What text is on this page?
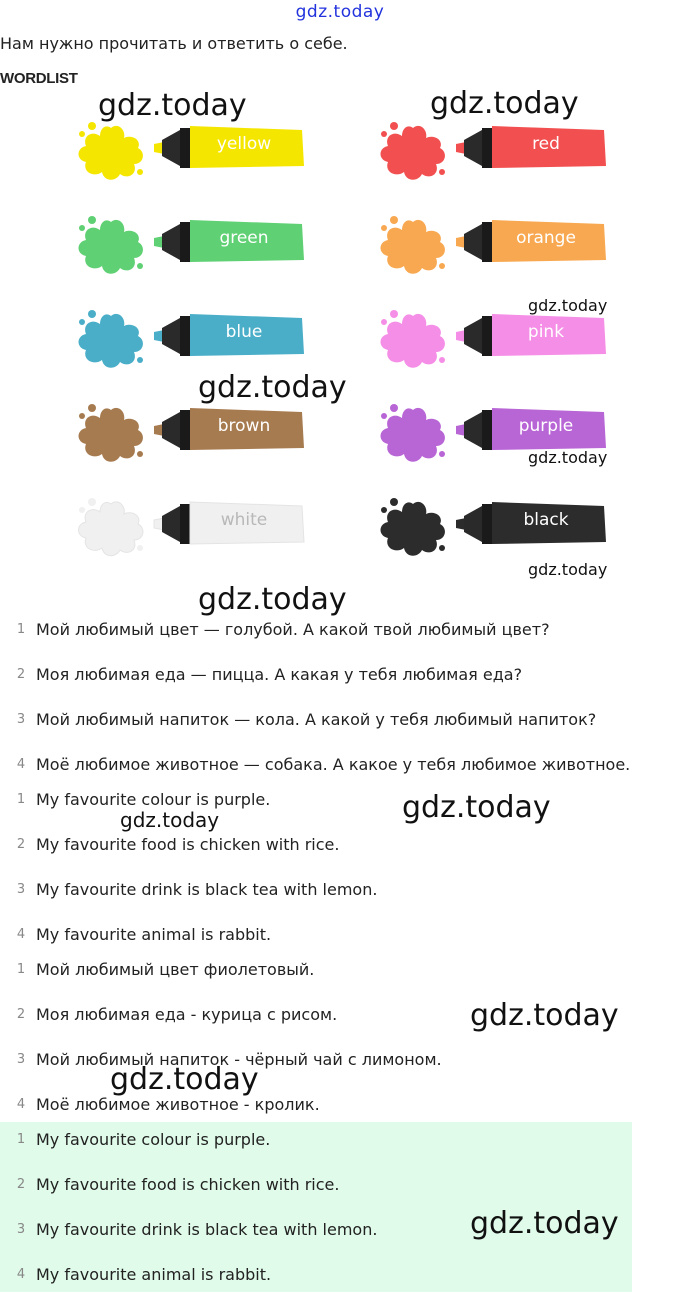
gdz.today
Нам нужно прочитать и ответить о себе.
WORDLIST
yellow	red
green	orange
blue	pink
brown	purple
white	black
1 Мой любимый цвет — голубой. А какой твой любимый цвет?
2 Моя любимая еда — пицца. А какая у тебя любимая еда?
3 Мой любимый напиток — кола. А какой у тебя любимый напиток?
4 Моё любимое животное — собака. А какое у тебя любимое животное.
1 My favourite colour is purple.
2 My favourite food is chicken with rice.
3 My favourite drink is black tea with lemon.
4 My favourite animal is rabbit.
1 Мой любимый цвет фиолетовый.
2 Моя любимая еда - курица с рисом.
3 Мой любимый напиток - чёрный чай с лимоном.
4 Моё любимое животное - кролик.
1 My favourite colour is purple.
2 My favourite food is chicken with rice.
3 My favourite drink is black tea with lemon.
4 My favourite animal is rabbit.
gdz.today	gdz.today
gdz.today
gdz.today
gdz.today
gdz.today
gdz.today
gdz.today
gdz.today
gdz.today
gdz.today
gdz.today
